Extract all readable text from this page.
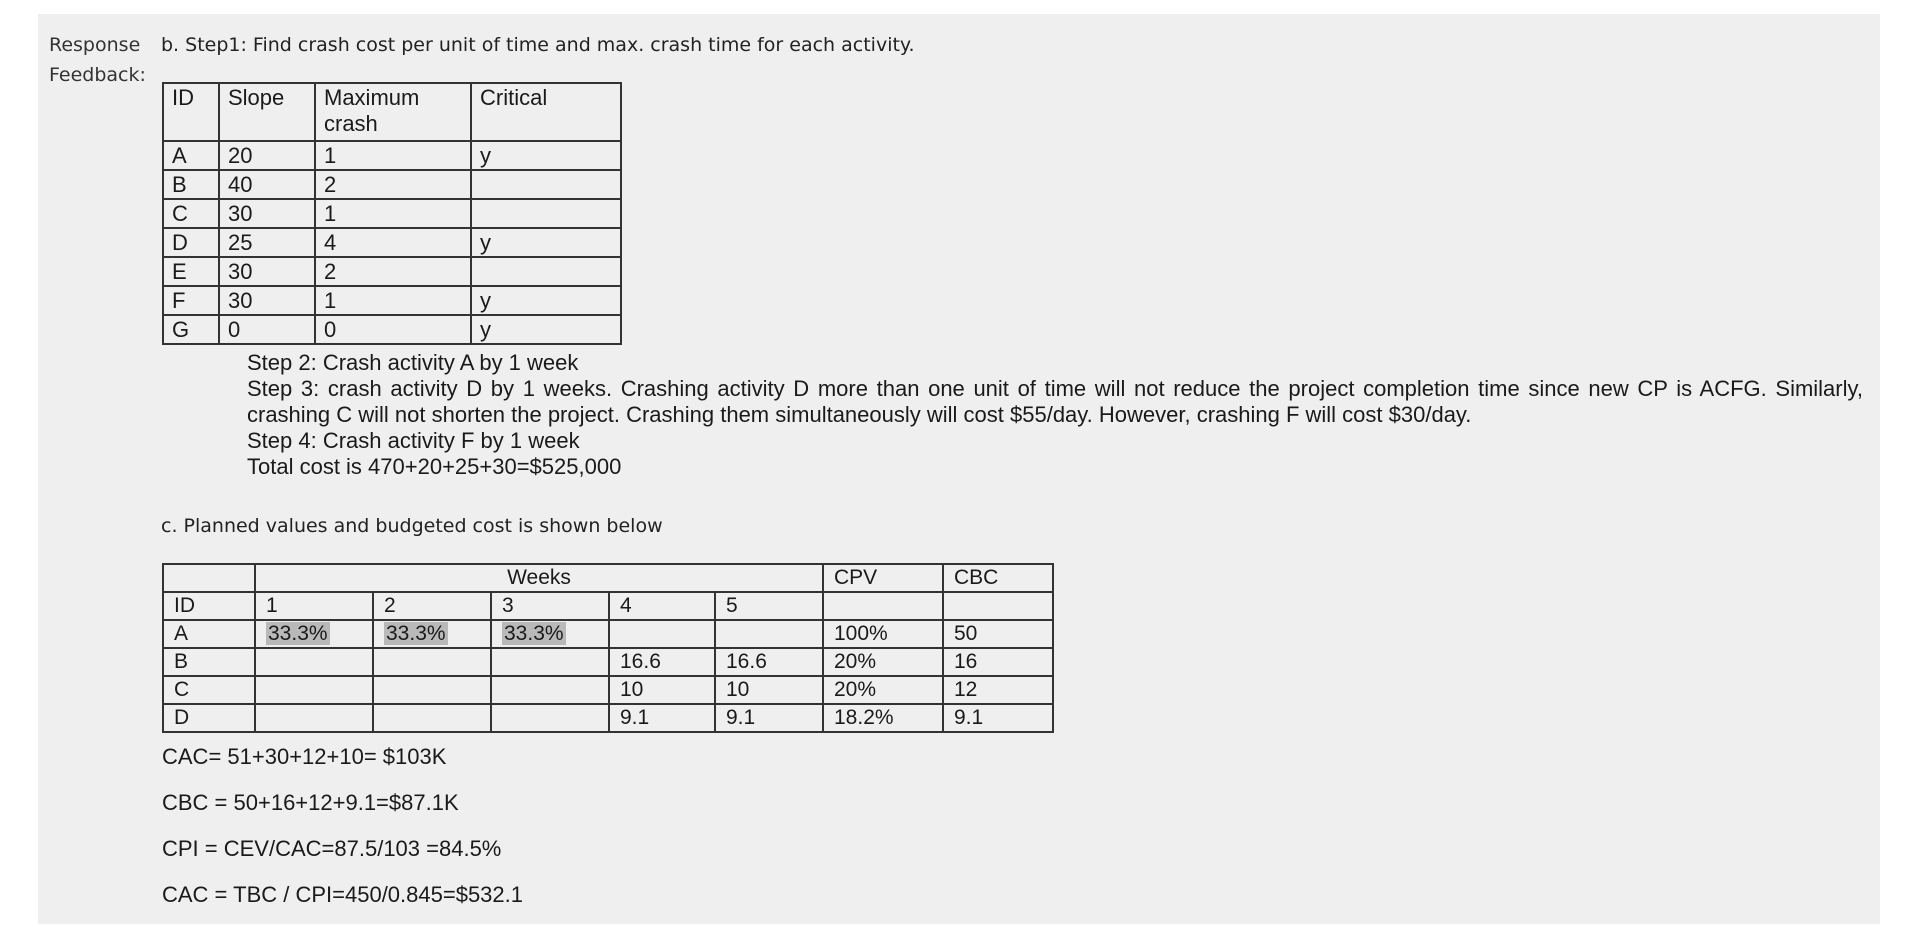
Response
Feedback:
b. Step1: Find crash cost per unit of time and max. crash time for each activity.
ID	Slope	Maximum crash	Critical
A	20	1	y
B	40	2	
C	30	1	
D	25	4	y
E	30	2	
F	30	1	y
G	0	0	y

Step 2: Crash activity A by 1 week

Step 3: crash activity D by 1 weeks. Crashing activity D more than one unit of time will not reduce the project completion time since new CP is ACFG. Similarly, crashing C will not shorten the project. Crashing them simultaneously will cost $55/day. However, crashing F will cost $30/day.

Step 4: Crash activity F by 1 week

Total cost is 470+20+25+30=$525,000

c. Planned values and budgeted cost is shown below
	Weeks					CPV	CBC
ID	1	2	3	4	5		
A	33.3%	33.3%	33.3%			100%	50
B				16.6	16.6	20%	16
C				10	10	20%	12
D				9.1	9.1	18.2%	9.1
CAC= 51+30+12+10= $103K
CBC = 50+16+12+9.1=$87.1K
CPI = CEV/CAC=87.5/103 =84.5%
CAC = TBC / CPI=450/0.845=$532.1
